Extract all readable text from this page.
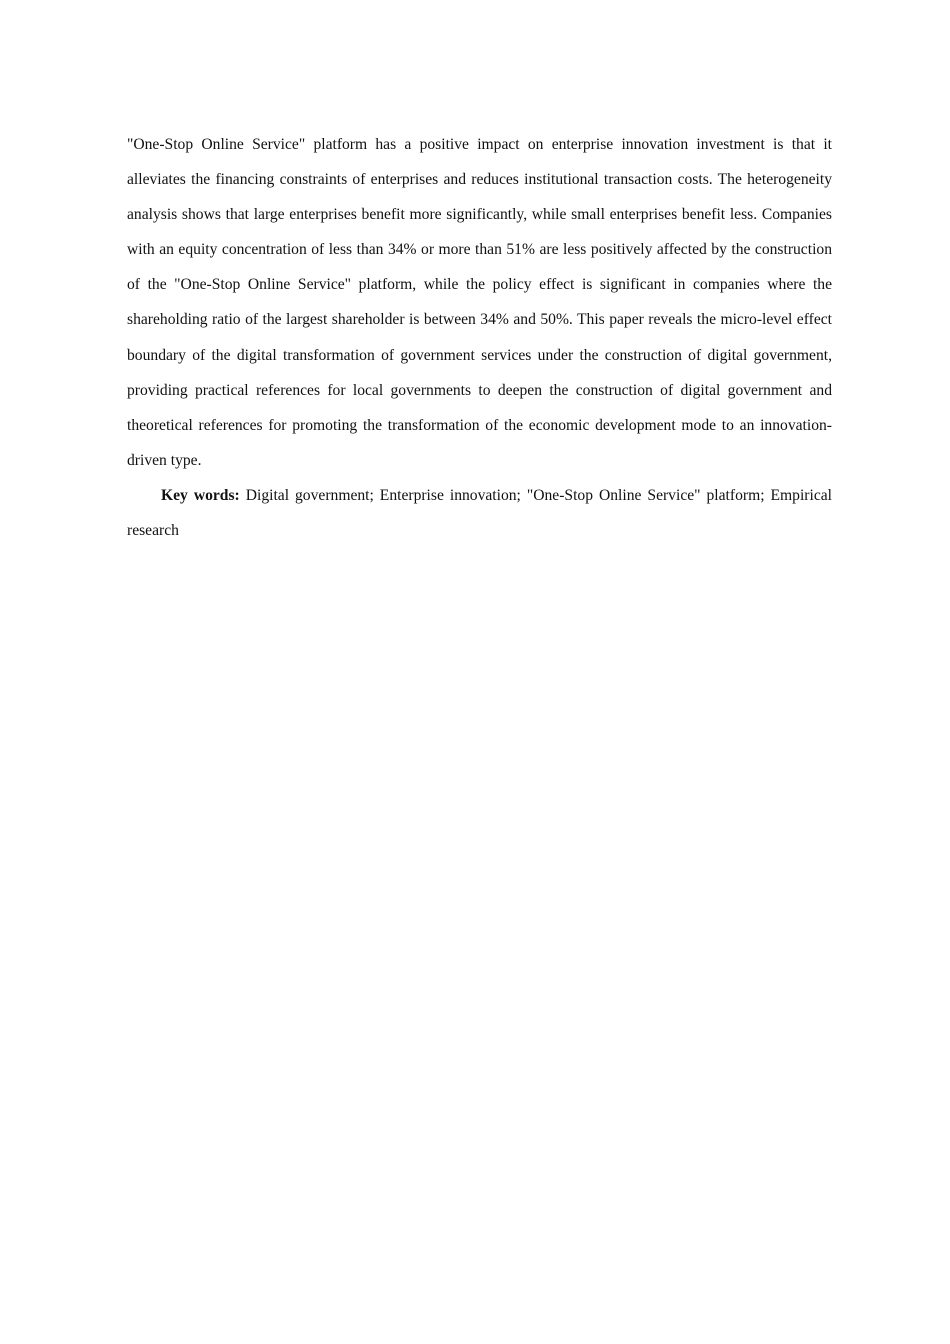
"One-Stop Online Service" platform has a positive impact on enterprise innovation investment is that it alleviates the financing constraints of enterprises and reduces institutional transaction costs. The heterogeneity analysis shows that large enterprises benefit more significantly, while small enterprises benefit less. Companies with an equity concentration of less than 34% or more than 51% are less positively affected by the construction of the "One-Stop Online Service" platform, while the policy effect is significant in companies where the shareholding ratio of the largest shareholder is between 34% and 50%. This paper reveals the micro-level effect boundary of the digital transformation of government services under the construction of digital government, providing practical references for local governments to deepen the construction of digital government and theoretical references for promoting the transformation of the economic development mode to an innovation-driven type.

Key words: Digital government; Enterprise innovation; "One-Stop Online Service" platform; Empirical research
